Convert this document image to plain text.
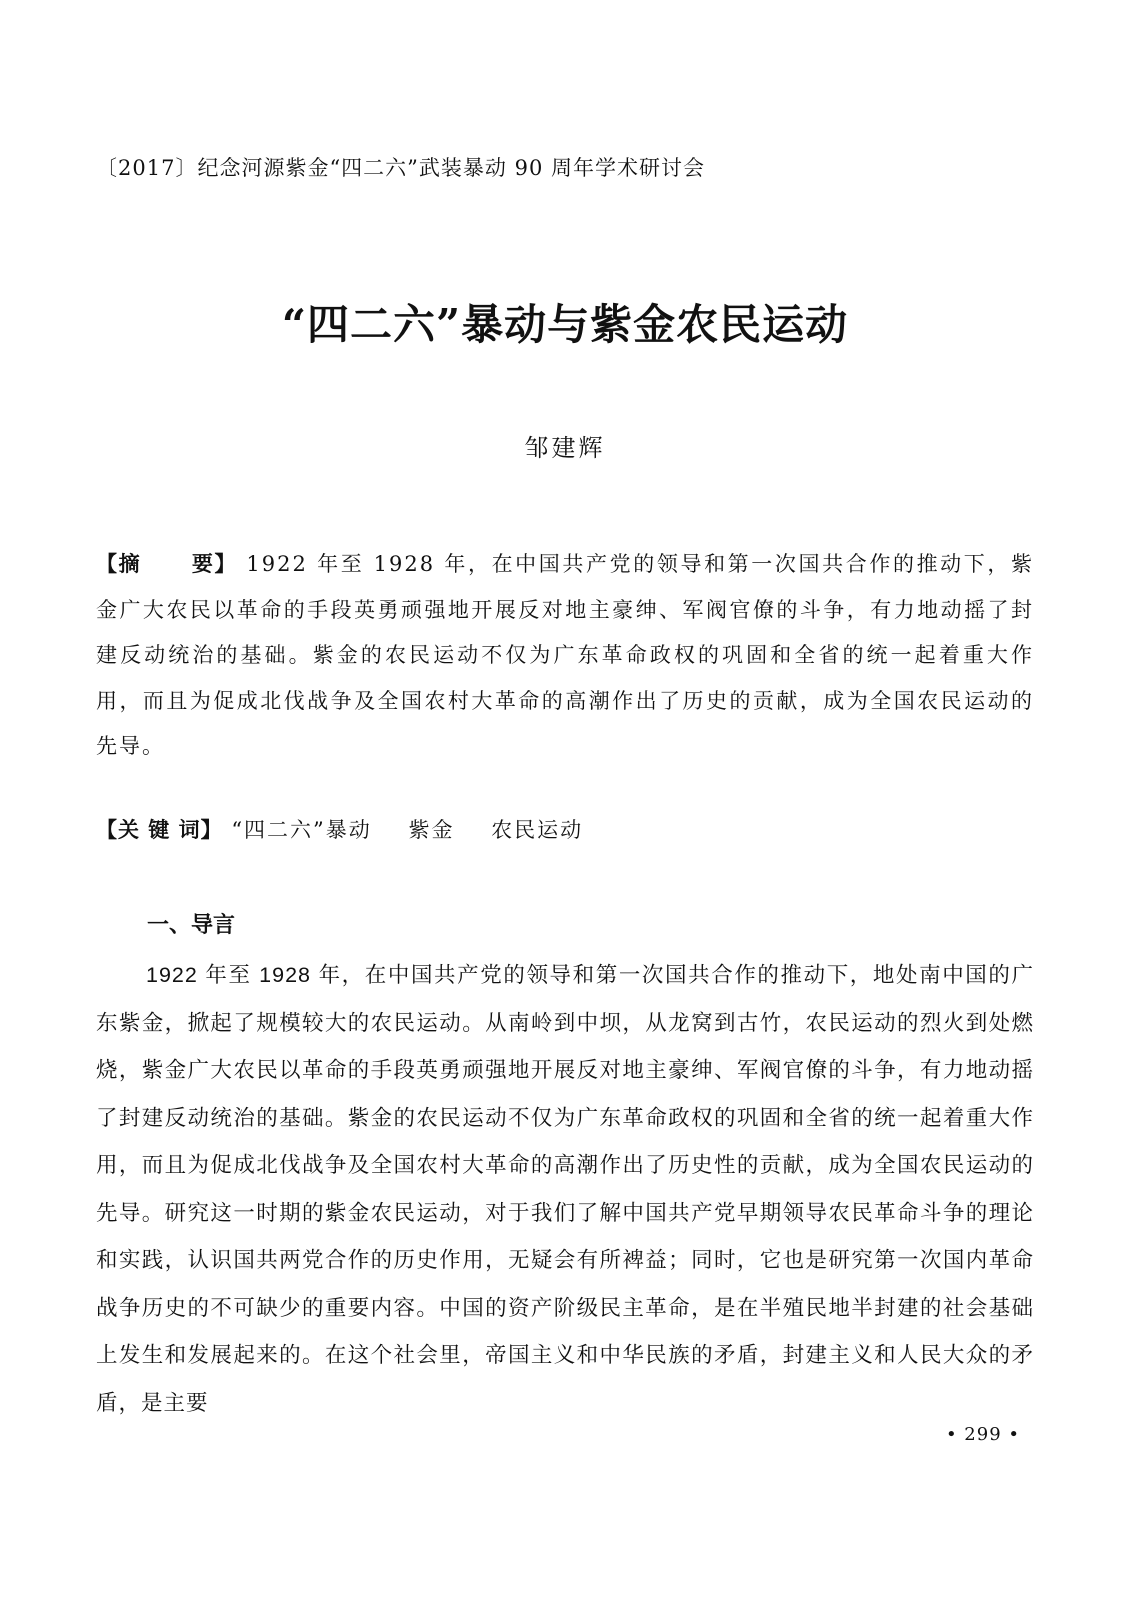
〔2017〕纪念河源紫金“四二六”武装暴动 90 周年学术研讨会
“四二六”暴动与紫金农民运动
邹建辉
【摘 要】 1922 年至 1928 年，在中国共产党的领导和第一次国共合作的推动下，紫金广大农民以革命的手段英勇顽强地开展反对地主豪绅、军阀官僚的斗争，有力地动摇了封建反动统治的基础。紫金的农民运动不仅为广东革命政权的巩固和全省的统一起着重大作用，而且为促成北伐战争及全国农村大革命的高潮作出了历史的贡献，成为全国农民运动的先导。
【关 键 词】 “四二六”暴动 紫金 农民运动
一、导言
1922 年至 1928 年，在中国共产党的领导和第一次国共合作的推动下，地处南中国的广东紫金，掀起了规模较大的农民运动。从南岭到中坝，从龙窝到古竹，农民运动的烈火到处燃烧，紫金广大农民以革命的手段英勇顽强地开展反对地主豪绅、军阀官僚的斗争，有力地动摇了封建反动统治的基础。紫金的农民运动不仅为广东革命政权的巩固和全省的统一起着重大作用，而且为促成北伐战争及全国农村大革命的高潮作出了历史性的贡献，成为全国农民运动的先导。研究这一时期的紫金农民运动，对于我们了解中国共产党早期领导农民革命斗争的理论和实践，认识国共两党合作的历史作用，无疑会有所裨益；同时，它也是研究第一次国内革命战争历史的不可缺少的重要内容。中国的资产阶级民主革命，是在半殖民地半封建的社会基础上发生和发展起来的。在这个社会里，帝国主义和中华民族的矛盾，封建主义和人民大众的矛盾，是主要
• 299 •
